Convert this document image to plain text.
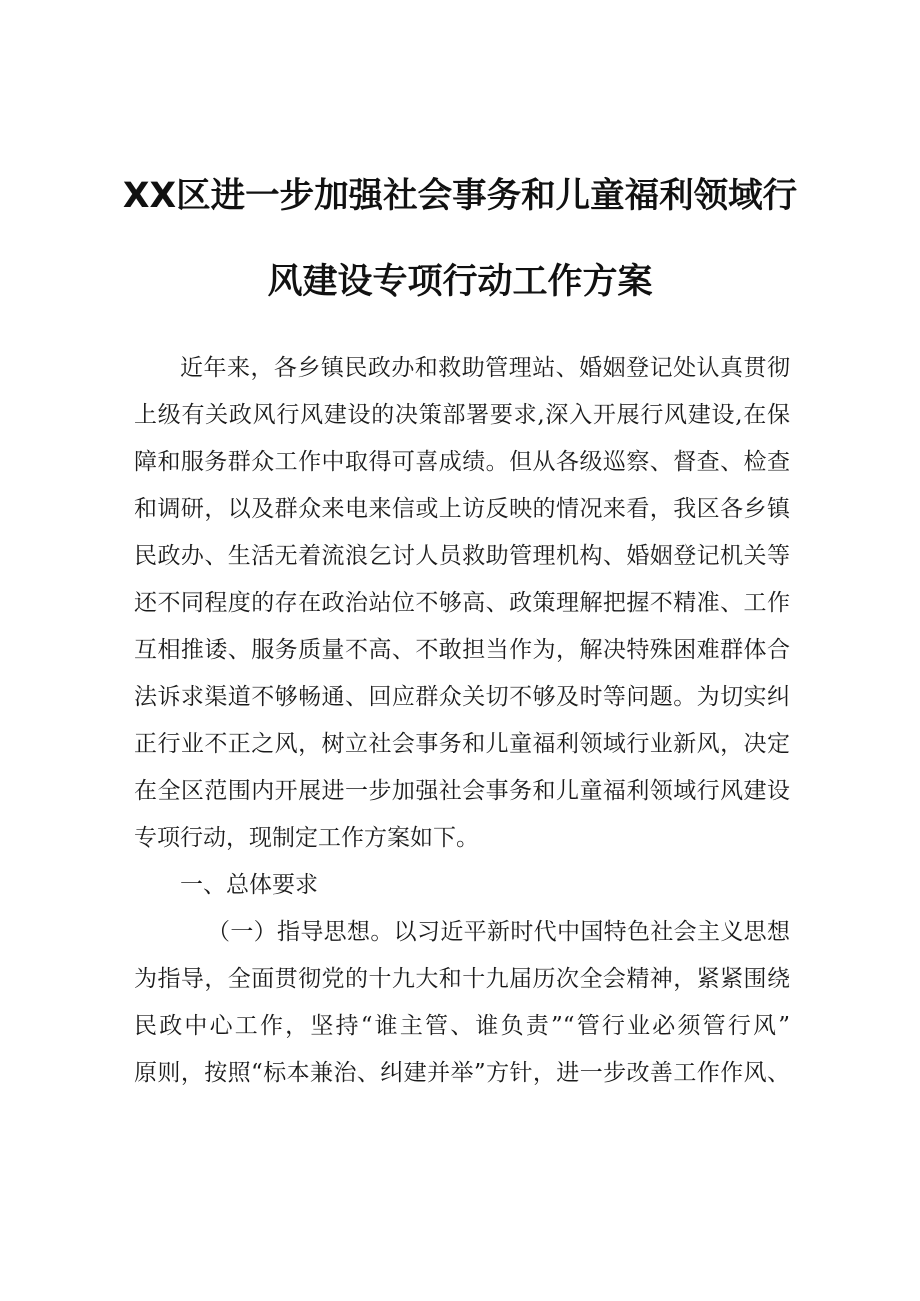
XX区进一步加强社会事务和儿童福利领域行
风建设专项行动工作方案
近年来，各乡镇民政办和救助管理站、婚姻登记处认真贯彻
上级有关政风行风建设的决策部署要求,深入开展行风建设,在保
障和服务群众工作中取得可喜成绩。但从各级巡察、督查、检查
和调研，以及群众来电来信或上访反映的情况来看，我区各乡镇
民政办、生活无着流浪乞讨人员救助管理机构、婚姻登记机关等
还不同程度的存在政治站位不够高、政策理解把握不精准、工作
互相推诿、服务质量不高、不敢担当作为，解决特殊困难群体合
法诉求渠道不够畅通、回应群众关切不够及时等问题。为切实纠
正行业不正之风，树立社会事务和儿童福利领域行业新风，决定
在全区范围内开展进一步加强社会事务和儿童福利领域行风建设
专项行动，现制定工作方案如下。
一、总体要求
（一）指导思想。以习近平新时代中国特色社会主义思想
为指导，全面贯彻党的十九大和十九届历次全会精神，紧紧围绕
民政中心工作，坚持“谁主管、谁负责”“管行业必须管行风”
原则，按照“标本兼治、纠建并举”方针，进一步改善工作作风、
